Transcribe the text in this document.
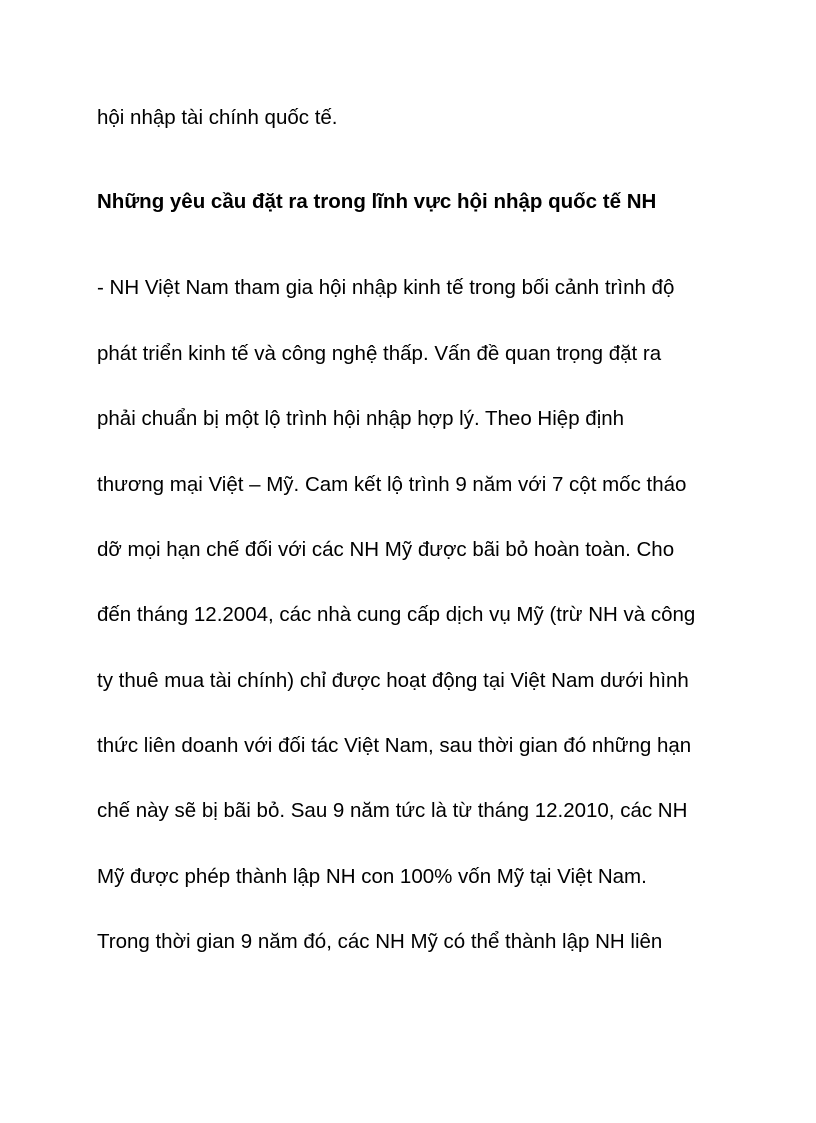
hội nhập tài chính quốc tế.
Những yêu cầu đặt ra trong lĩnh vực hội nhập quốc tế NH
- NH Việt Nam tham gia hội nhập kinh tế trong bối cảnh trình độ
phát triển kinh tế và công nghệ thấp. Vấn đề quan trọng đặt ra
phải chuẩn bị một lộ trình hội nhập hợp lý. Theo Hiệp định
thương mại Việt – Mỹ. Cam kết lộ trình 9 năm với 7 cột mốc tháo
dỡ mọi hạn chế đối với các NH Mỹ được bãi bỏ hoàn toàn. Cho
đến tháng 12.2004, các nhà cung cấp dịch vụ Mỹ (trừ NH và công
ty thuê mua tài chính) chỉ được hoạt động tại Việt Nam dưới hình
thức liên doanh với đối tác Việt Nam, sau thời gian đó những hạn
chế này sẽ bị bãi bỏ. Sau 9 năm tức là từ tháng 12.2010, các NH
Mỹ được phép thành lập NH con 100% vốn Mỹ tại Việt Nam.
Trong thời gian 9 năm đó, các NH Mỹ có thể thành lập NH liên
